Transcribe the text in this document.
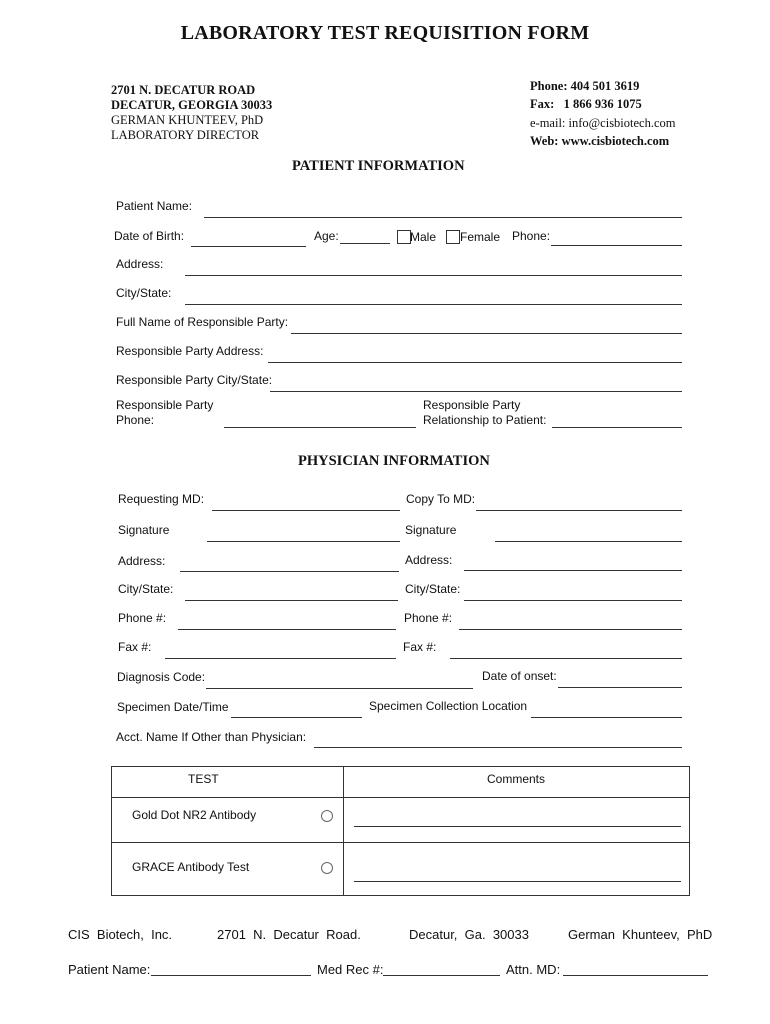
LABORATORY TEST REQUISITION FORM
2701 N. DECATUR ROAD
DECATUR, GEORGIA 30033
GERMAN KHUNTEEV, PhD
LABORATORY DIRECTOR
Phone: 404 501 3619
Fax:   1 866 936 1075
e-mail: info@cisbiotech.com
Web: www.cisbiotech.com
PATIENT INFORMATION
Patient Name:
Date of Birth:	Age:	Male Female Phone:
Address:
City/State:
Full Name of Responsible Party:
Responsible Party Address:
Responsible Party City/State:
Responsible Party
Phone:
Responsible Party
Relationship to Patient:
PHYSICIAN INFORMATION
Requesting MD:	Copy To MD:
Signature	Signature
Address:	Address:
City/State:	City/State:
Phone #:	Phone #:
Fax #:	Fax #:
Diagnosis Code:	Date of onset:
Specimen Date/Time	Specimen Collection Location
Acct. Name If Other than Physician:
TEST	Comments
Gold Dot NR2 Antibody
GRACE Antibody Test
CIS  Biotech,  Inc.	2701  N.  Decatur  Road.	Decatur,  Ga.  30033	German  Khunteev,  PhD
Patient Name:	Med Rec #:	Attn. MD:
